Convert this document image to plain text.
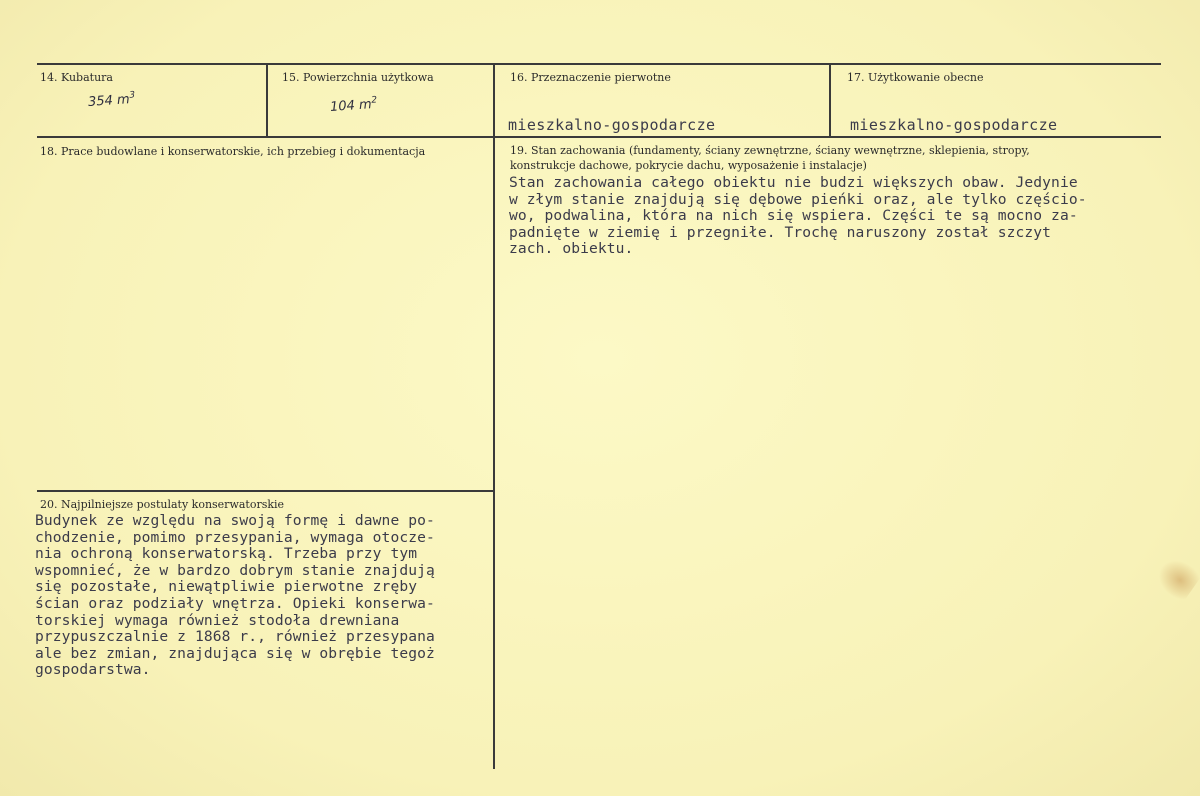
14. Kubatura
354 $m^3$
15. Powierzchnia użytkowa
104 $m^2$
16. Przeznaczenie pierwotne
mieszkalno-gospodarcze
17. Użytkowanie obecne
mieszkalno-gospodarcze
18. Prace budowlane i konserwatorskie, ich przebieg i dokumentacja	19. Stan zachowania (fundamenty, ściany zewnętrzne, ściany wewnętrzne, sklepienia, stropy,
konstrukcje dachowe, pokrycie dachu, wyposażenie i instalacje)
Stan zachowania całego obiektu nie budzi większych obaw. Jedynie
w złym stanie znajdują się dębowe pieńki oraz, ale tylko częścio-
wo, podwalina, która na nich się wspiera. Części te są mocno za-
padnięte w ziemię i przegniłe. Trochę naruszony został szczyt
zach. obiektu.
20. Najpilniejsze postulaty konserwatorskie
Budynek ze względu na swoją formę i dawne po-
chodzenie, pomimo przesypania, wymaga otocze-
nia ochroną konserwatorską. Trzeba przy tym
wspomnieć, że w bardzo dobrym stanie znajdują
się pozostałe, niewątpliwie pierwotne zręby
ścian oraz podziały wnętrza. Opieki konserwa-
torskiej wymaga również stodoła drewniana
przypuszczalnie z 1868 r., również przesypana
ale bez zmian, znajdująca się w obrębie tegoż
gospodarstwa.
